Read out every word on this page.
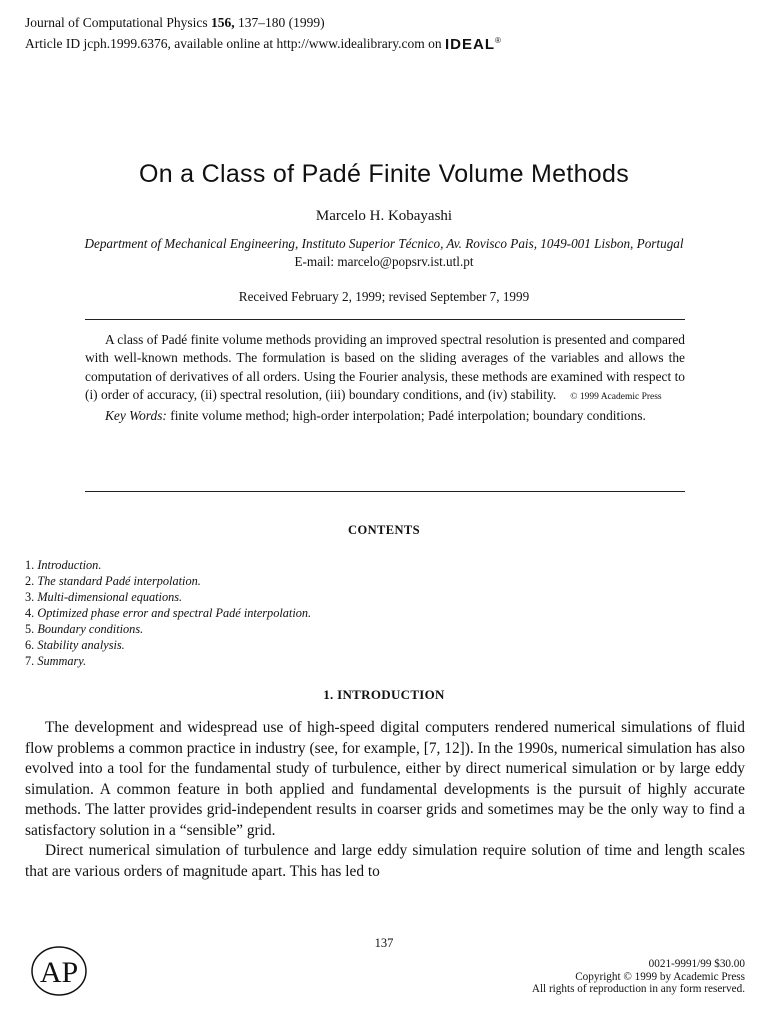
Journal of Computational Physics 156, 137–180 (1999)
Article ID jcph.1999.6376, available online at http://www.idealibrary.com on IDEAL®
On a Class of Padé Finite Volume Methods
Marcelo H. Kobayashi
Department of Mechanical Engineering, Instituto Superior Técnico, Av. Rovisco Pais, 1049-001 Lisbon, Portugal
E-mail: marcelo@popsrv.ist.utl.pt
Received February 2, 1999; revised September 7, 1999

A class of Padé finite volume methods providing an improved spectral resolution is presented and compared with well-known methods. The formulation is based on the sliding averages of the variables and allows the computation of derivatives of all orders. Using the Fourier analysis, these methods are examined with respect to (i) order of accuracy, (ii) spectral resolution, (iii) boundary conditions, and (iv) stability. © 1999 Academic Press

Key Words: finite volume method; high-order interpolation; Padé interpolation; boundary conditions.

CONTENTS
1. Introduction.
2. The standard Padé interpolation.
3. Multi-dimensional equations.
4. Optimized phase error and spectral Padé interpolation.
5. Boundary conditions.
6. Stability analysis.
7. Summary.
1. INTRODUCTION

The development and widespread use of high-speed digital computers rendered numerical simulations of fluid flow problems a common practice in industry (see, for example, [7, 12]). In the 1990s, numerical simulation has also evolved into a tool for the fundamental study of turbulence, either by direct numerical simulation or by large eddy simulation. A common feature in both applied and fundamental developments is the pursuit of highly accurate methods. The latter provides grid-independent results in coarser grids and sometimes may be the only way to find a satisfactory solution in a “sensible” grid.

Direct numerical simulation of turbulence and large eddy simulation require solution of time and length scales that are various orders of magnitude apart. This has led to

137
AP	0021-9991/99 $30.00
Copyright © 1999 by Academic Press
All rights of reproduction in any form reserved.
